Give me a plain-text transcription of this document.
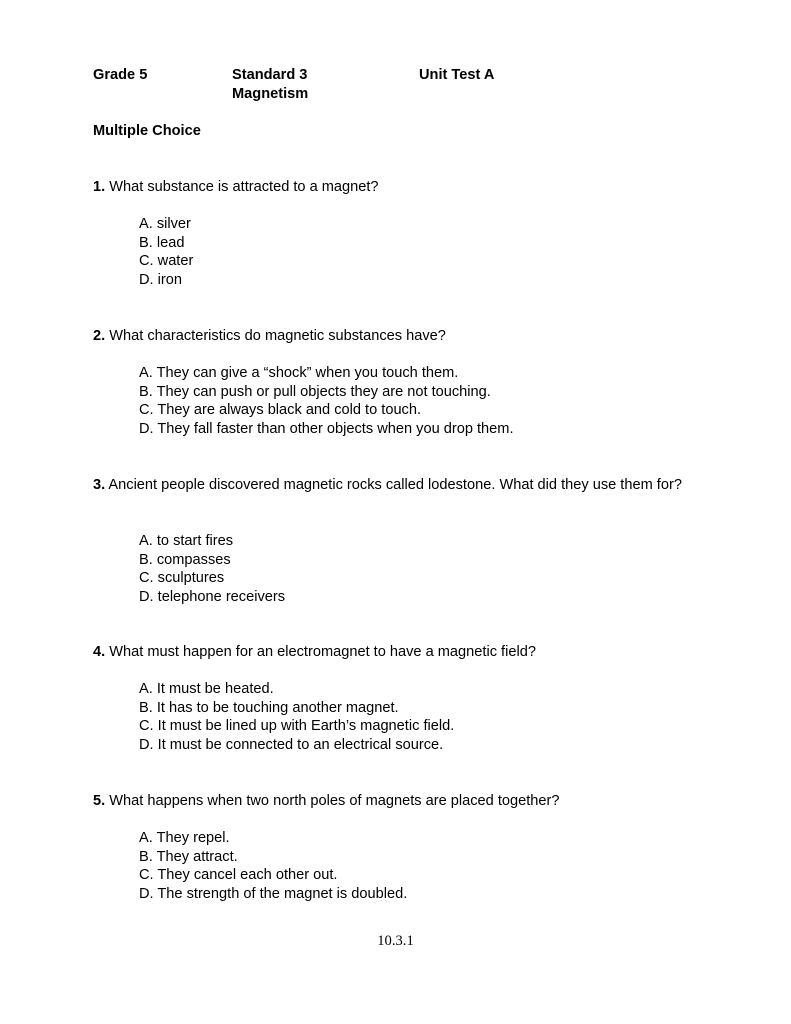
Grade 5	Standard 3
Magnetism
Unit Test A
Multiple Choice
1. What substance is attracted to a magnet?
A. silver
B. lead
C. water
D. iron
2. What characteristics do magnetic substances have?
A. They can give a “shock” when you touch them.
B. They can push or pull objects they are not touching.
C. They are always black and cold to touch.
D. They fall faster than other objects when you drop them.
3. Ancient people discovered magnetic rocks called lodestone. What did they use them for?
A. to start fires
B. compasses
C. sculptures
D. telephone receivers
4. What must happen for an electromagnet to have a magnetic field?
A. It must be heated.
B. It has to be touching another magnet.
C. It must be lined up with Earth’s magnetic field.
D. It must be connected to an electrical source.
5. What happens when two north poles of magnets are placed together?
A. They repel.
B. They attract.
C. They cancel each other out.
D. The strength of the magnet is doubled.
10.3.1
